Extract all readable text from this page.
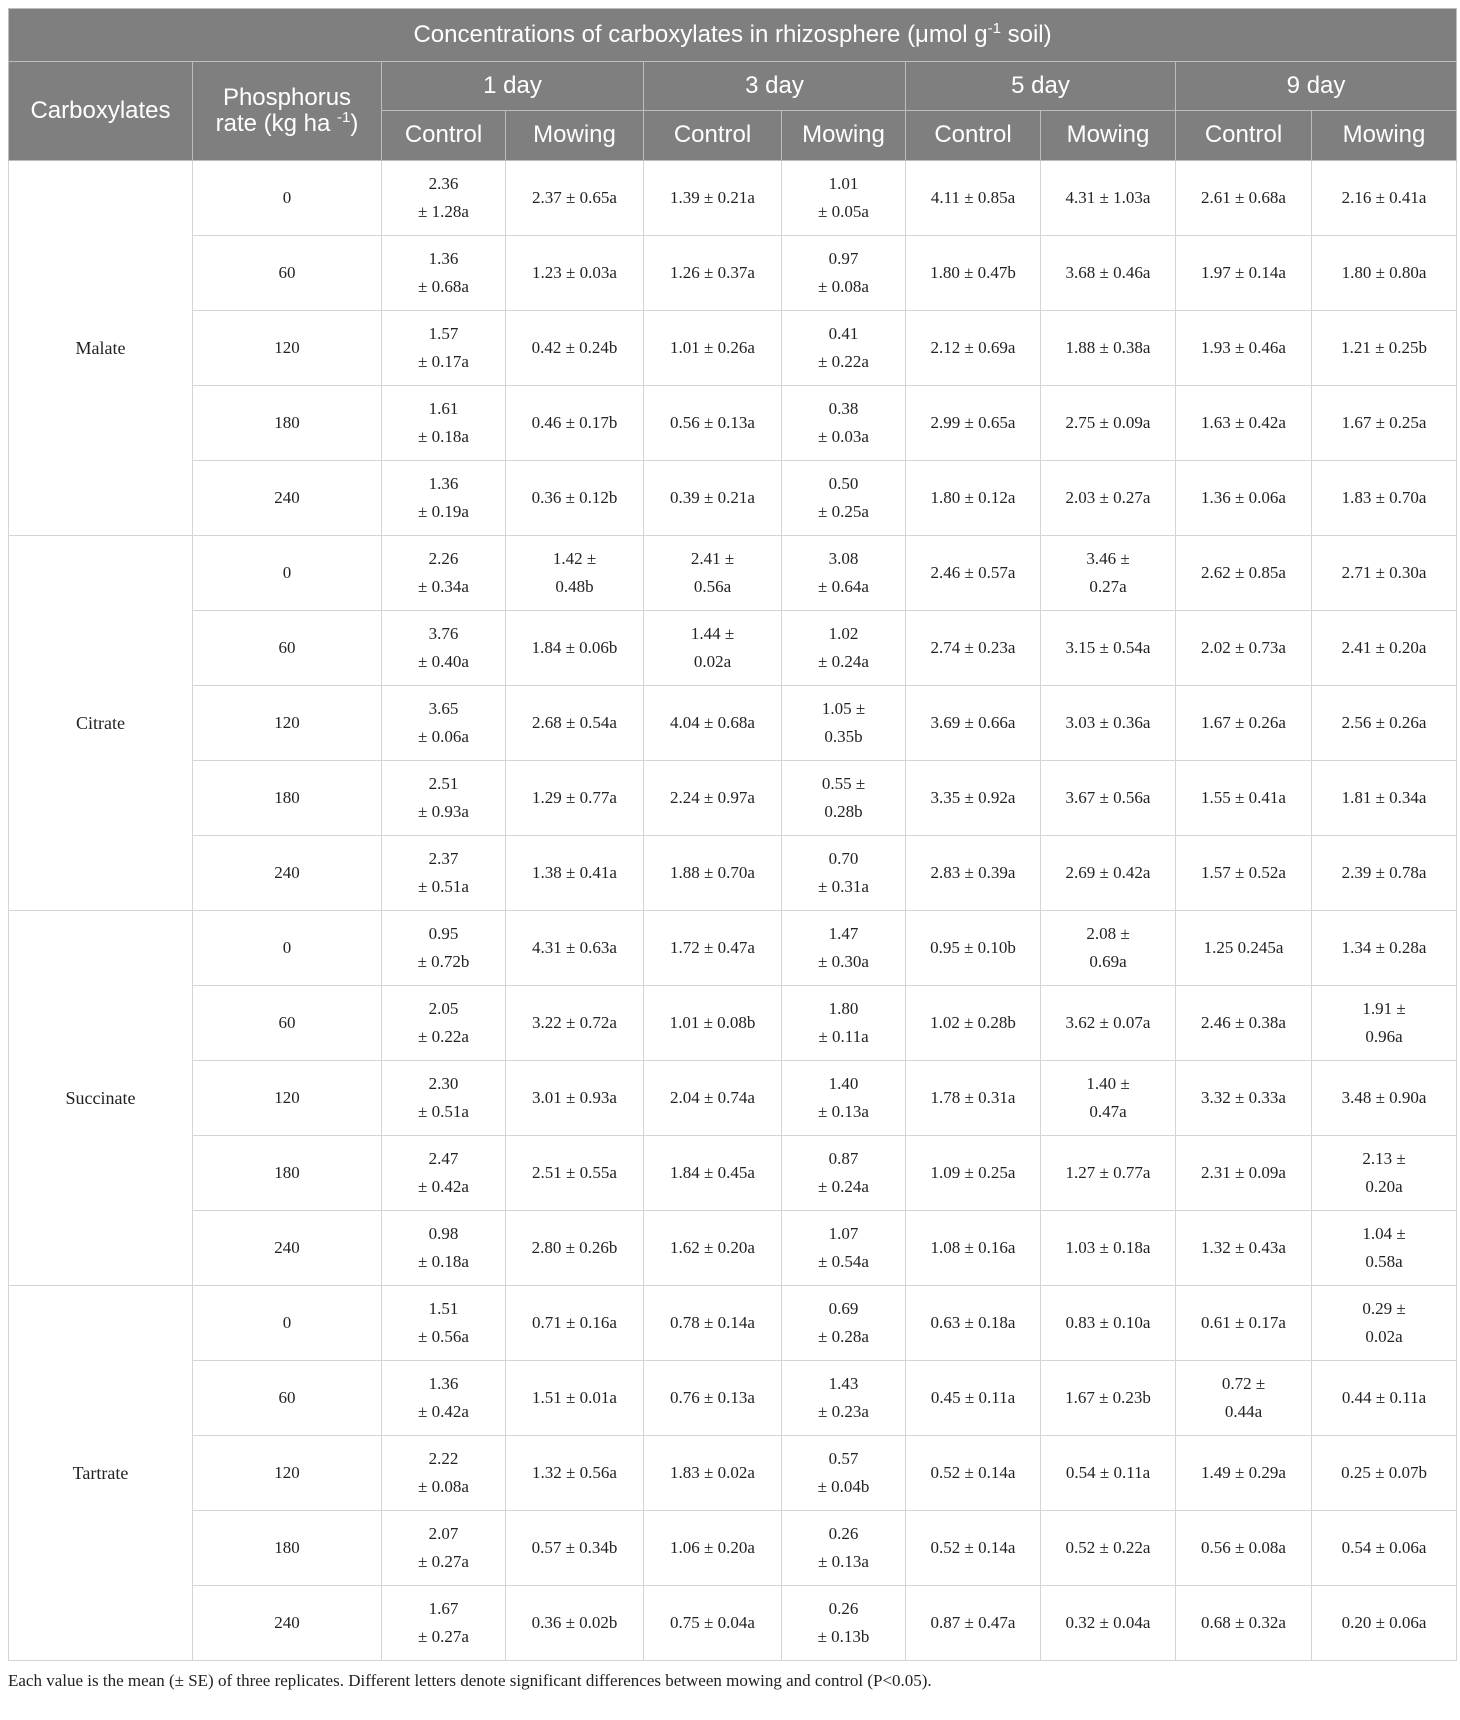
Concentrations of carboxylates in rhizosphere (μmol $g^{-1}$ soil)									
Carboxylates	Phosphorus
rate (kg ha $^{-1}$)	1 day		3 day		5 day		9 day	
		Control	Mowing	Control	Mowing	Control	Mowing	Control	Mowing
Malate	0	2.36
± 1.28a	2.37 ± 0.65a	1.39 ± 0.21a	1.01
± 0.05a	4.11 ± 0.85a	4.31 ± 1.03a	2.61 ± 0.68a	2.16 ± 0.41a

	60	1.36
± 0.68a	1.23 ± 0.03a	1.26 ± 0.37a	0.97
± 0.08a	1.80 ± 0.47b	3.68 ± 0.46a	1.97 ± 0.14a	1.80 ± 0.80a

	120	1.57
± 0.17a	0.42 ± 0.24b	1.01 ± 0.26a	0.41
± 0.22a	2.12 ± 0.69a	1.88 ± 0.38a	1.93 ± 0.46a	1.21 ± 0.25b

	180	1.61
± 0.18a	0.46 ± 0.17b	0.56 ± 0.13a	0.38
± 0.03a	2.99 ± 0.65a	2.75 ± 0.09a	1.63 ± 0.42a	1.67 ± 0.25a

	240	1.36
± 0.19a	0.36 ± 0.12b	0.39 ± 0.21a	0.50
± 0.25a	1.80 ± 0.12a	2.03 ± 0.27a	1.36 ± 0.06a	1.83 ± 0.70a

Citrate	0	2.26
± 0.34a	1.42 ±
0.48b	2.41 ±
0.56a	3.08
± 0.64a	2.46 ± 0.57a	3.46 ±
0.27a	2.62 ± 0.85a	2.71 ± 0.30a

	60	3.76
± 0.40a	1.84 ± 0.06b	1.44 ±
0.02a	1.02
± 0.24a	2.74 ± 0.23a	3.15 ± 0.54a	2.02 ± 0.73a	2.41 ± 0.20a

	120	3.65
± 0.06a	2.68 ± 0.54a	4.04 ± 0.68a	1.05 ±
0.35b	3.69 ± 0.66a	3.03 ± 0.36a	1.67 ± 0.26a	2.56 ± 0.26a

	180	2.51
± 0.93a	1.29 ± 0.77a	2.24 ± 0.97a	0.55 ±
0.28b	3.35 ± 0.92a	3.67 ± 0.56a	1.55 ± 0.41a	1.81 ± 0.34a

	240	2.37
± 0.51a	1.38 ± 0.41a	1.88 ± 0.70a	0.70
± 0.31a	2.83 ± 0.39a	2.69 ± 0.42a	1.57 ± 0.52a	2.39 ± 0.78a

Succinate	0	0.95
± 0.72b	4.31 ± 0.63a	1.72 ± 0.47a	1.47
± 0.30a	0.95 ± 0.10b	2.08 ±
0.69a	1.25 0.245a	1.34 ± 0.28a

	60	2.05
± 0.22a	3.22 ± 0.72a	1.01 ± 0.08b	1.80
± 0.11a	1.02 ± 0.28b	3.62 ± 0.07a	2.46 ± 0.38a	1.91 ±
0.96a

	120	2.30
± 0.51a	3.01 ± 0.93a	2.04 ± 0.74a	1.40
± 0.13a	1.78 ± 0.31a	1.40 ±
0.47a	3.32 ± 0.33a	3.48 ± 0.90a

	180	2.47
± 0.42a	2.51 ± 0.55a	1.84 ± 0.45a	0.87
± 0.24a	1.09 ± 0.25a	1.27 ± 0.77a	2.31 ± 0.09a	2.13 ±
0.20a

	240	0.98
± 0.18a	2.80 ± 0.26b	1.62 ± 0.20a	1.07
± 0.54a	1.08 ± 0.16a	1.03 ± 0.18a	1.32 ± 0.43a	1.04 ±
0.58a

Tartrate	0	1.51
± 0.56a	0.71 ± 0.16a	0.78 ± 0.14a	0.69
± 0.28a	0.63 ± 0.18a	0.83 ± 0.10a	0.61 ± 0.17a	0.29 ±
0.02a

	60	1.36
± 0.42a	1.51 ± 0.01a	0.76 ± 0.13a	1.43
± 0.23a	0.45 ± 0.11a	1.67 ± 0.23b	0.72 ±
0.44a	0.44 ± 0.11a

	120	2.22
± 0.08a	1.32 ± 0.56a	1.83 ± 0.02a	0.57
± 0.04b	0.52 ± 0.14a	0.54 ± 0.11a	1.49 ± 0.29a	0.25 ± 0.07b

	180	2.07
± 0.27a	0.57 ± 0.34b	1.06 ± 0.20a	0.26
± 0.13a	0.52 ± 0.14a	0.52 ± 0.22a	0.56 ± 0.08a	0.54 ± 0.06a

	240	1.67
± 0.27a	0.36 ± 0.02b	0.75 ± 0.04a	0.26
± 0.13b	0.87 ± 0.47a	0.32 ± 0.04a	0.68 ± 0.32a	0.20 ± 0.06a
Each value is the mean (± SE) of three replicates. Different letters denote significant differences between mowing and control (P<0.05).
